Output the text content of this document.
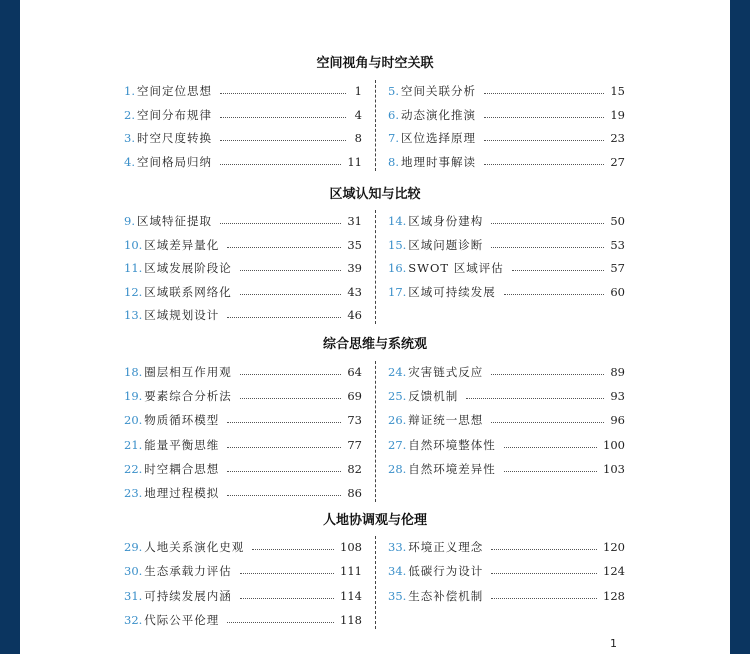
空间视角与时空关联
1. 空间定位思想	1
2. 空间分布规律	4
3. 时空尺度转换	8
4. 空间格局归纳	11
5. 空间关联分析	15
6. 动态演化推演	19
7. 区位选择原理	23
8. 地理时事解读	27
区域认知与比较
9. 区域特征提取	31
10. 区域差异量化	35
11. 区域发展阶段论	39
12. 区域联系网络化	43
13. 区域规划设计	46
14. 区域身份建构	50
15. 区域问题诊断	53
16. SWOT 区域评估	57
17. 区域可持续发展	60
综合思维与系统观
18. 圈层相互作用观	64
19. 要素综合分析法	69
20. 物质循环模型	73
21. 能量平衡思维	77
22. 时空耦合思想	82
23. 地理过程模拟	86
24. 灾害链式反应	89
25. 反馈机制	93
26. 辩证统一思想	96
27. 自然环境整体性	100
28. 自然环境差异性	103
人地协调观与伦理
29. 人地关系演化史观	108
30. 生态承载力评估	111
31. 可持续发展内涵	114
32. 代际公平伦理	118
33. 环境正义理念	120
34. 低碳行为设计	124
35. 生态补偿机制	128
1
